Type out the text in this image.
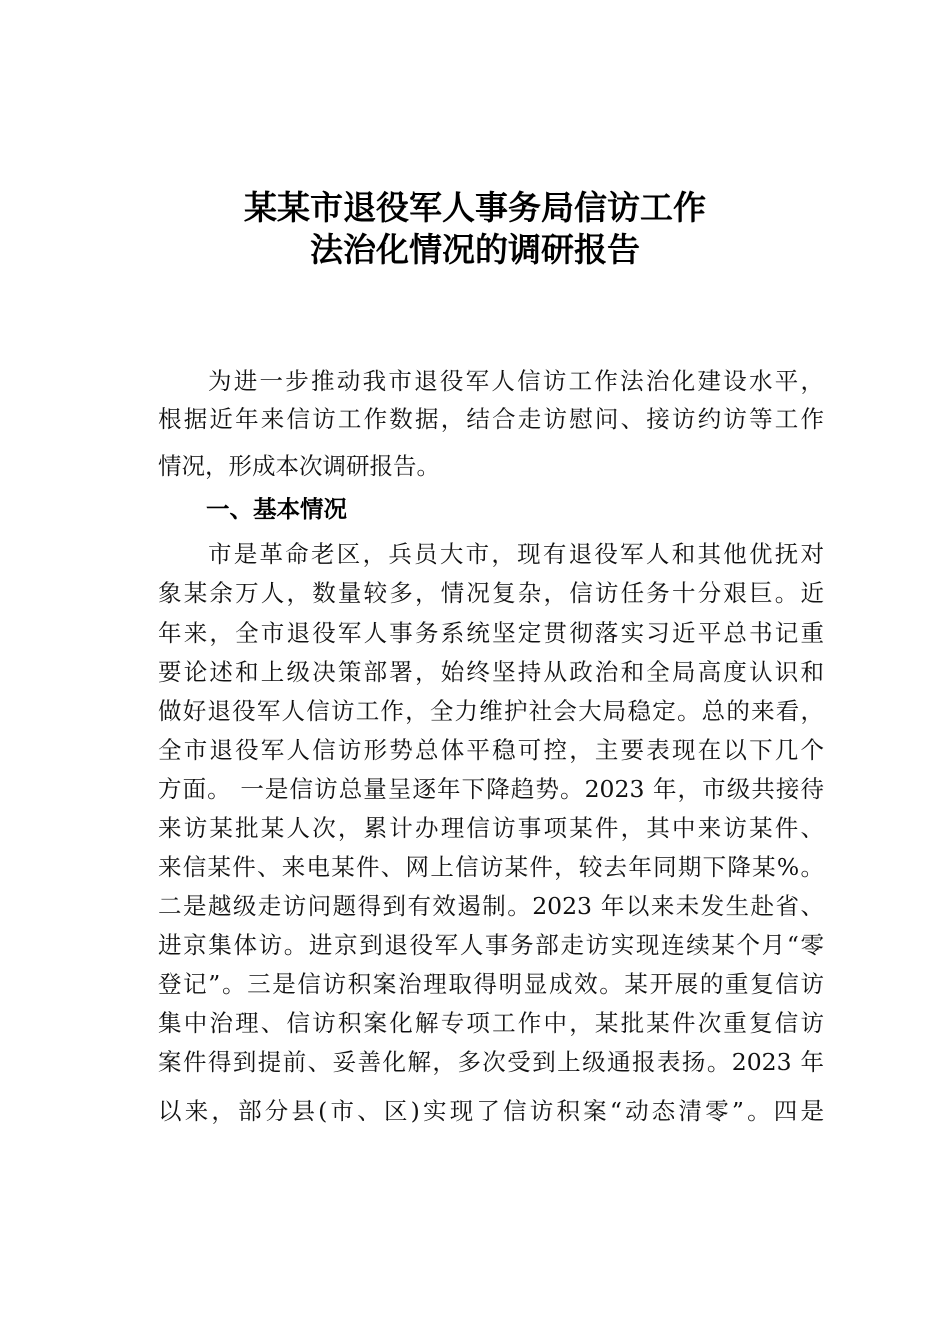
某某市退役军人事务局信访工作
法治化情况的调研报告

为进一步推动我市退役军人信访工作法治化建设水平，

根据近年来信访工作数据，结合走访慰问、接访约访等工作

情况，形成本次调研报告。

一、基本情况

市是革命老区，兵员大市，现有退役军人和其他优抚对

象某余万人，数量较多，情况复杂，信访任务十分艰巨。近

年来，全市退役军人事务系统坚定贯彻落实习近平总书记重

要论述和上级决策部署，始终坚持从政治和全局高度认识和

做好退役军人信访工作，全力维护社会大局稳定。总的来看，

全市退役军人信访形势总体平稳可控，主要表现在以下几个

方面。 一是信访总量呈逐年下降趋势。2023 年，市级共接待

来访某批某人次，累计办理信访事项某件，其中来访某件、

来信某件、来电某件、网上信访某件，较去年同期下降某%。

二是越级走访问题得到有效遏制。2023 年以来未发生赴省、

进京集体访。进京到退役军人事务部走访实现连续某个月“零

登记”。三是信访积案治理取得明显成效。某开展的重复信访

集中治理、信访积案化解专项工作中，某批某件次重复信访

案件得到提前、妥善化解，多次受到上级通报表扬。2023 年

以来，部分县(市、区)实现了信访积案“动态清零”。四是
